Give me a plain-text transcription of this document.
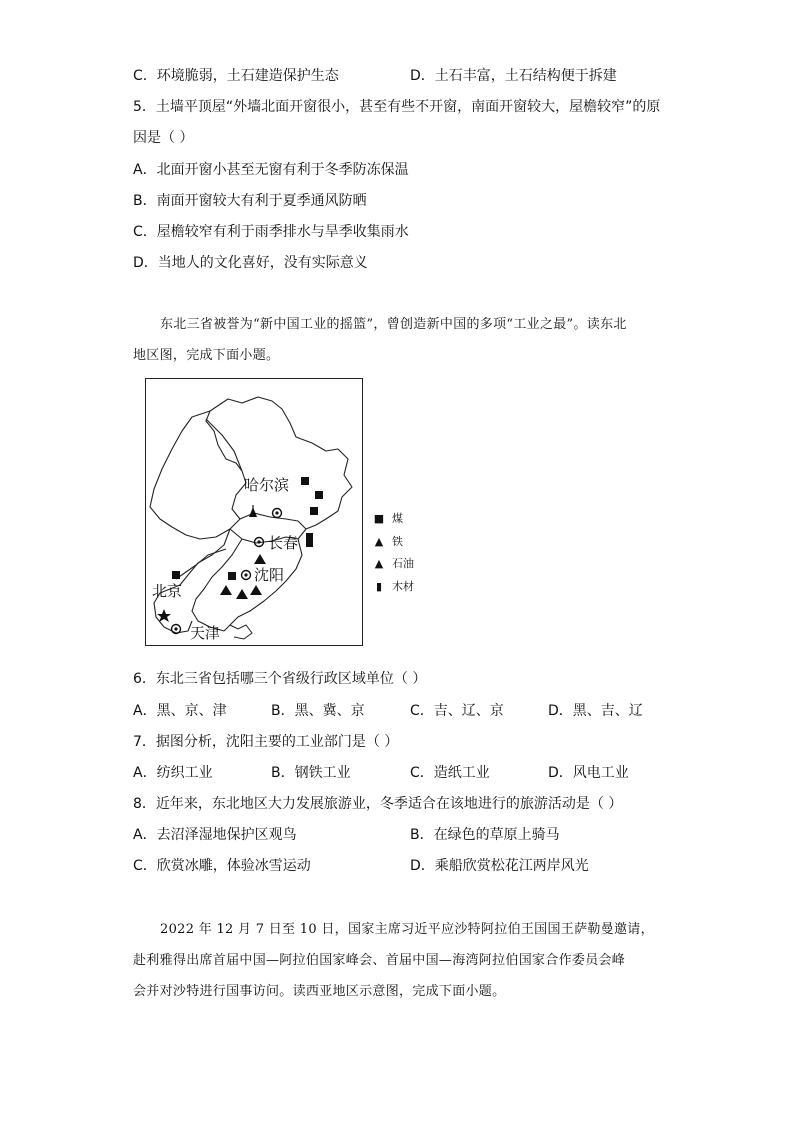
C．环境脆弱，土石建造保护生态	D．土石丰富，土石结构便于拆建
5．土墙平顶屋“外墙北面开窗很小，甚至有些不开窗，南面开窗较大，屋檐较窄”的原
因是（ ）
A．北面开窗小甚至无窗有利于冬季防冻保温
B．南面开窗较大有利于夏季通风防晒
C．屋檐较窄有利于雨季排水与旱季收集雨水
D．当地人的文化喜好，没有实际意义
东北三省被誉为“新中国工业的摇篮”，曾创造新中国的多项“工业之最”。读东北
地区图，完成下面小题。
哈尔滨
长春
沈阳
北京
天津
■ 煤
▲ 铁
▲ 石油
▮ 木材
6．东北三省包括哪三个省级行政区域单位（ ）
A．黑、京、津	B．黑、冀、京	C．吉、辽、京	D．黑、吉、辽
7．据图分析，沈阳主要的工业部门是（ ）
A．纺织工业	B．钢铁工业	C．造纸工业	D．风电工业
8．近年来，东北地区大力发展旅游业，冬季适合在该地进行的旅游活动是（ ）
A．去沼泽湿地保护区观鸟	B．在绿色的草原上骑马
C．欣赏冰雕，体验冰雪运动	D．乘船欣赏松花江两岸风光
2022 年 12 月 7 日至 10 日，国家主席习近平应沙特阿拉伯王国国王萨勒曼邀请，
赴利雅得出席首届中国—阿拉伯国家峰会、首届中国—海湾阿拉伯国家合作委员会峰
会并对沙特进行国事访问。读西亚地区示意图，完成下面小题。
